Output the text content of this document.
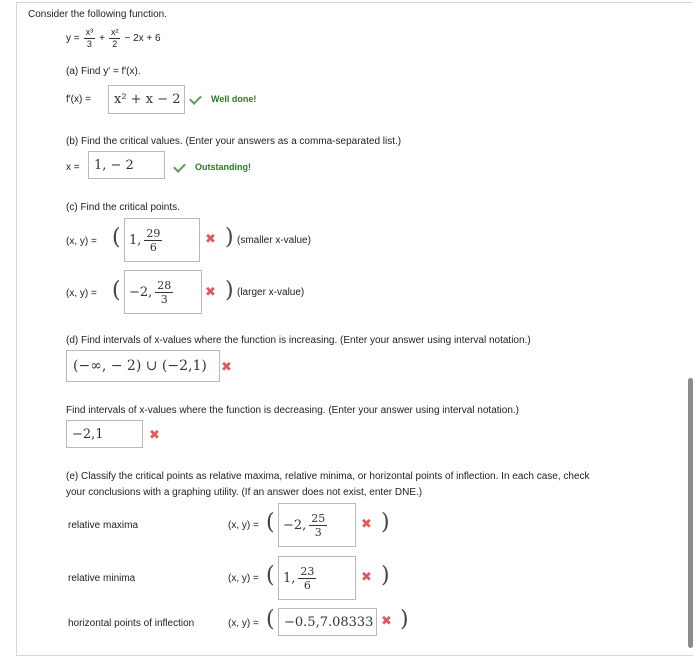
Consider the following function.
$y = \frac{\text{x³}}{3} + \frac{\text{x²}}{2} - 2x + 6$
(a) Find y′ = f′(x).
f′(x) =	x² + x − 2	Well done!
(b) Find the critical values. (Enter your answers as a comma-separated list.)
x =	1, − 2	Outstanding!
(c) Find the critical points.
(x, y) = ( 1, $\frac{29}{6}$	✖ ) (smaller x-value)
(x, y) = ( −2, $\frac{28}{3}$ ✖ ) (larger x-value)
(d) Find intervals of x-values where the function is increasing. (Enter your answer using interval notation.)
(−∞, − 2) ∪ (−2,1)	✖
Find intervals of x-values where the function is decreasing. (Enter your answer using interval notation.)
−2,1	✖
(e) Classify the critical points as relative maxima, relative minima, or horizontal points of inflection. In each case, check
your conclusions with a graphing utility. (If an answer does not exist, enter DNE.)
relative maxima	(x, y) = ( −2, $\frac{25}{3}$	✖ )
relative minima	(x, y) = ( 1, $\frac{23}{6}$	✖ )
horizontal points of inflection	(x, y) = ( −0.5,7.08333 ✖ )
